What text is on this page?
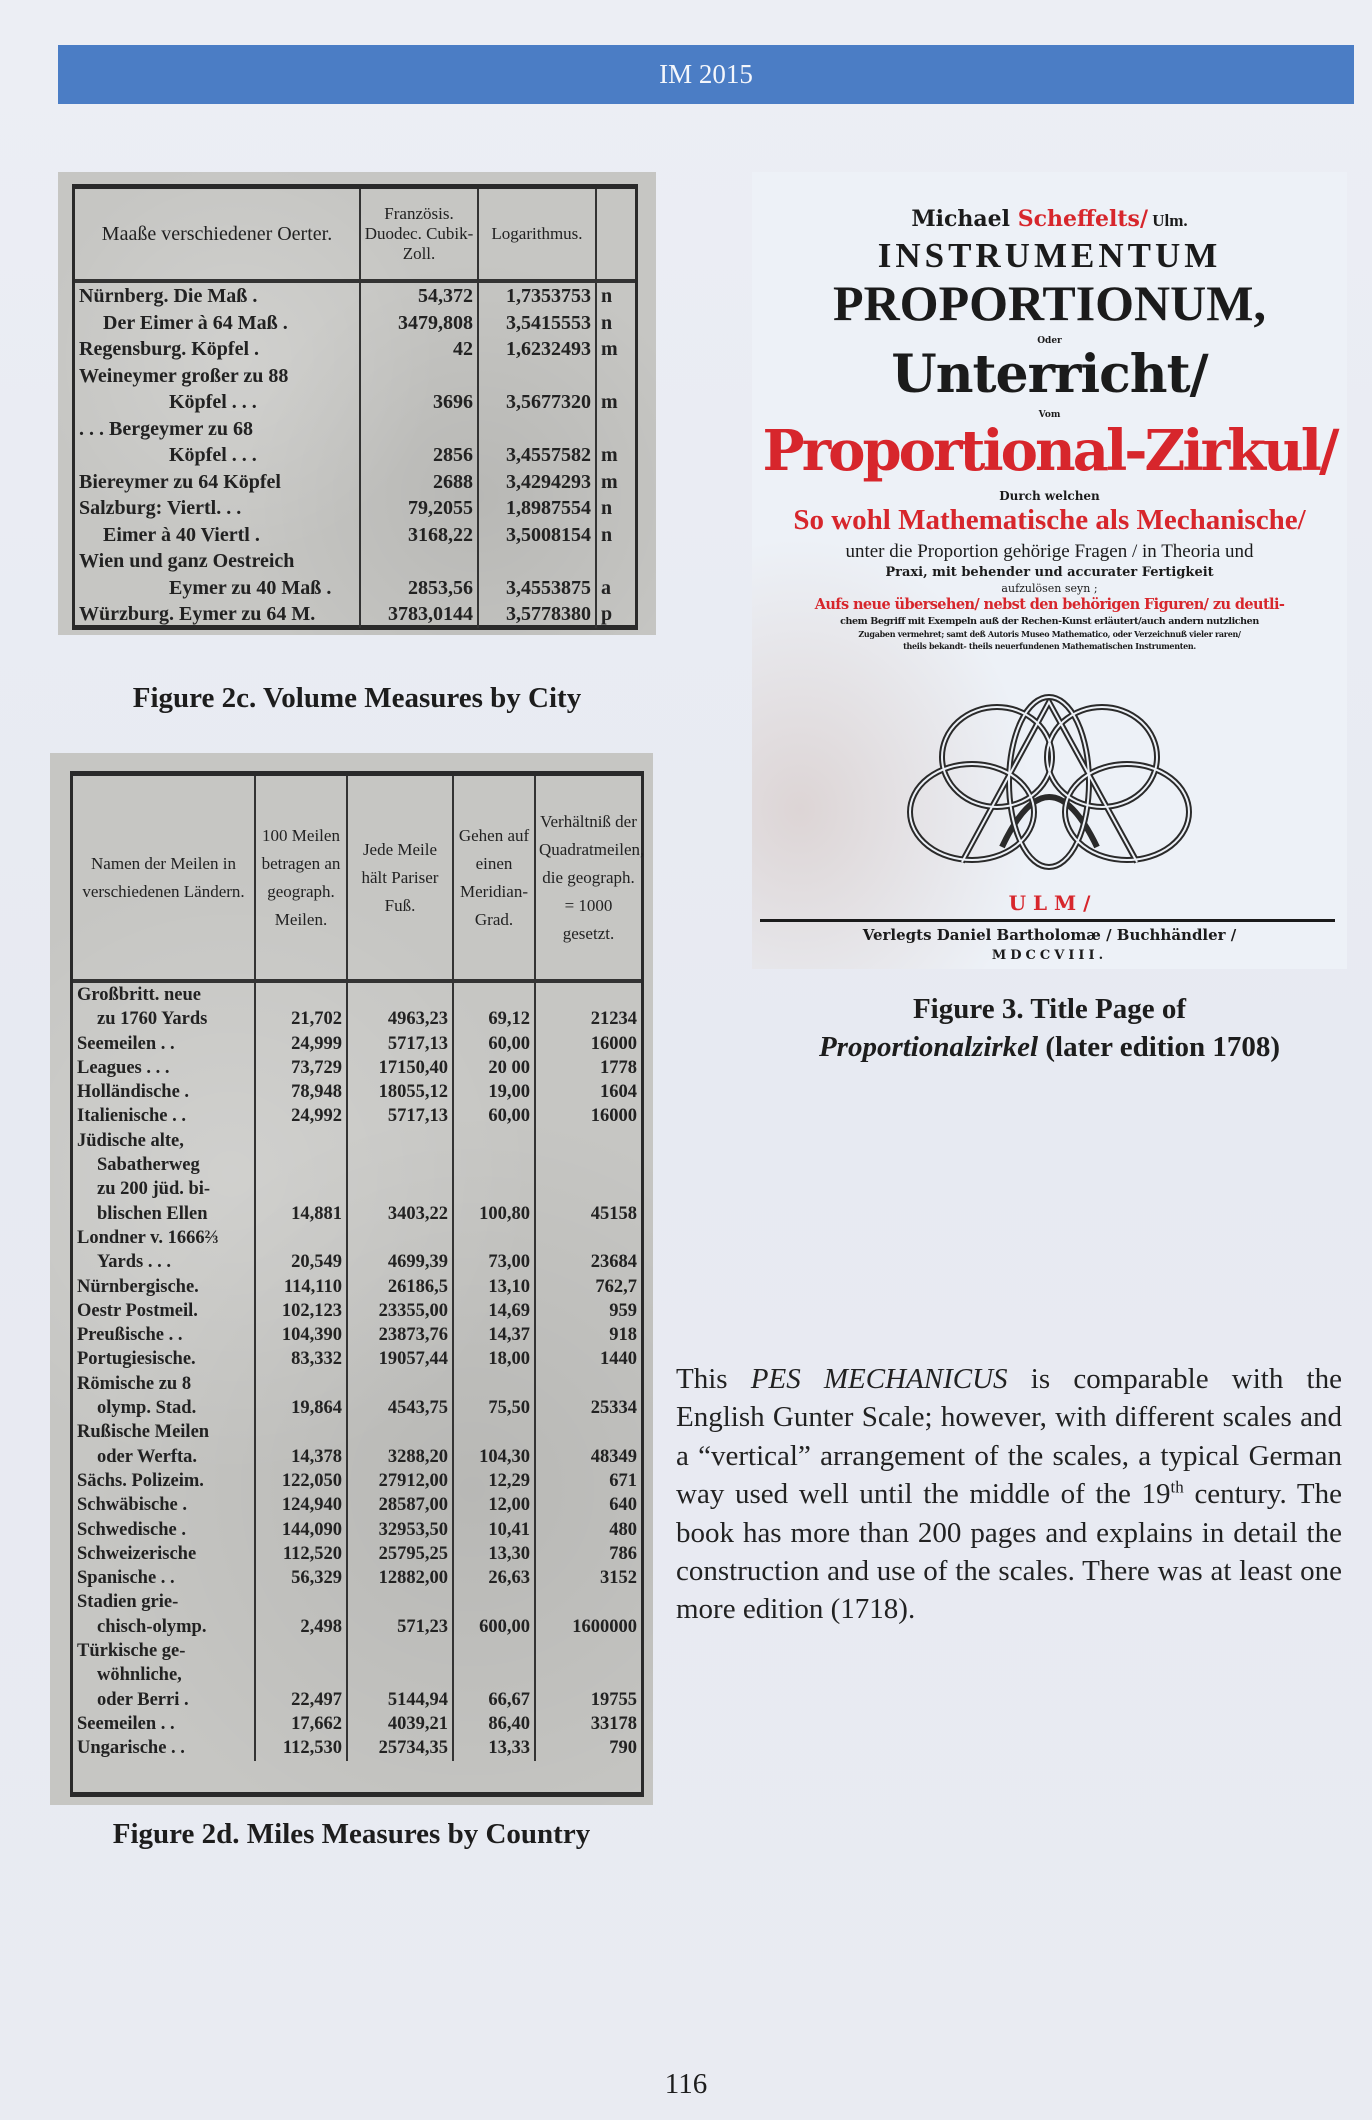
IM 2015
Maaße verschiedener Oerter.	Französis. Duodec. Cubik-Zoll.	Logarithmus.	

Nürnberg. Die Maß .	54,372	1,7353753	n

Der Eimer à 64 Maß .	3479,808	3,5415553	n

Regensburg. Köpfel .	42	1,6232493	m

Weineymer großer zu 88
Köpfel . . .	3696	3,5677320	m

. . . Bergeymer zu 68
Köpfel . . .	2856	3,4557582	m

Biereymer zu 64 Köpfel	2688	3,4294293	m

Salzburg: Viertl. . .	79,2055	1,8987554	n

Eimer à 40 Viertl .	3168,22	3,5008154	n

Wien und ganz Oestreich
Eymer zu 40 Maß .	2853,56	3,4553875	a

Würzburg. Eymer zu 64 M.	3783,0144	3,5778380	p
Figure 2c. Volume Measures by City
Namen der Meilen in verschiedenen Ländern.	100 Meilen betragen an geograph. Meilen.	Jede Meile hält Pariser Fuß.	Gehen auf einen Meridian-Grad.	Verhältniß der Quadratmeilen, die geograph. = 1000 gesetzt.

Großbritt. neue
zu 1760 Yards	21,702	4963,23	69,12	21234

Seemeilen . .	24,999	5717,13	60,00	16000

Leagues . . .	73,729	17150,40	20 00	1778

Holländische .	78,948	18055,12	19,00	1604

Italienische . .	24,992	5717,13	60,00	16000

Jüdische alte,
Sabatherweg
zu 200 jüd. bi-
blischen Ellen	14,881	3403,22	100,80	45158

Londner v. 1666⅔
Yards . . .	20,549	4699,39	73,00	23684

Nürnbergische.	114,110	26186,5	13,10	762,7

Oestr Postmeil.	102,123	23355,00	14,69	959

Preußische . .	104,390	23873,76	14,37	918

Portugiesische.	83,332	19057,44	18,00	1440

Römische zu 8
olymp. Stad.	19,864	4543,75	75,50	25334

Rußische Meilen
oder Werfta.	14,378	3288,20	104,30	48349

Sächs. Polizeim.	122,050	27912,00	12,29	671

Schwäbische .	124,940	28587,00	12,00	640

Schwedische .	144,090	32953,50	10,41	480

Schweizerische	112,520	25795,25	13,30	786

Spanische . .	56,329	12882,00	26,63	3152

Stadien grie-
chisch-olymp.	2,498	571,23	600,00	1600000

Türkische ge-
wöhnliche,
oder Berri .	22,497	5144,94	66,67	19755

Seemeilen . .	17,662	4039,21	86,40	33178

Ungarische . .	112,530	25734,35	13,33	790
Figure 2d. Miles Measures by Country
Michael Scheffelts/ Ulm.
INSTRUMENTUM
PROPORTIONUM,
Oder
Unterricht/
Vom
Proportional-Zirkul/
Durch welchen
So wohl Mathematische als Mechanische/
unter die Proportion gehörige Fragen / in Theoria und
Praxi, mit behender und accurater Fertigkeit
aufzulösen seyn ;
Aufs neue übersehen/ nebst den behörigen Figuren/ zu deutli-
chem Begriff mit Exempeln auß der Rechen-Kunst erläutert/auch andern nutzlichen
Zugaben vermehret; samt deß Autoris Museo Mathematico, oder Verzeichnuß vieler raren/
theils bekandt- theils neuerfundenen Mathematischen Instrumenten.
U L M /
Verlegts Daniel Bartholomæ / Buchhändler /
MDCCVIII.
Figure 3. Title Page of
Proportionalzirkel (later edition 1708)

This PES MECHANICUS is comparable with the English Gunter Scale; however, with different scales and a “vertical” arrangement of the scales, a typical German way used well until the middle of the 19th century. The book has more than 200 pages and explains in detail the construction and use of the scales. There was at least one more edition (1718).

116
